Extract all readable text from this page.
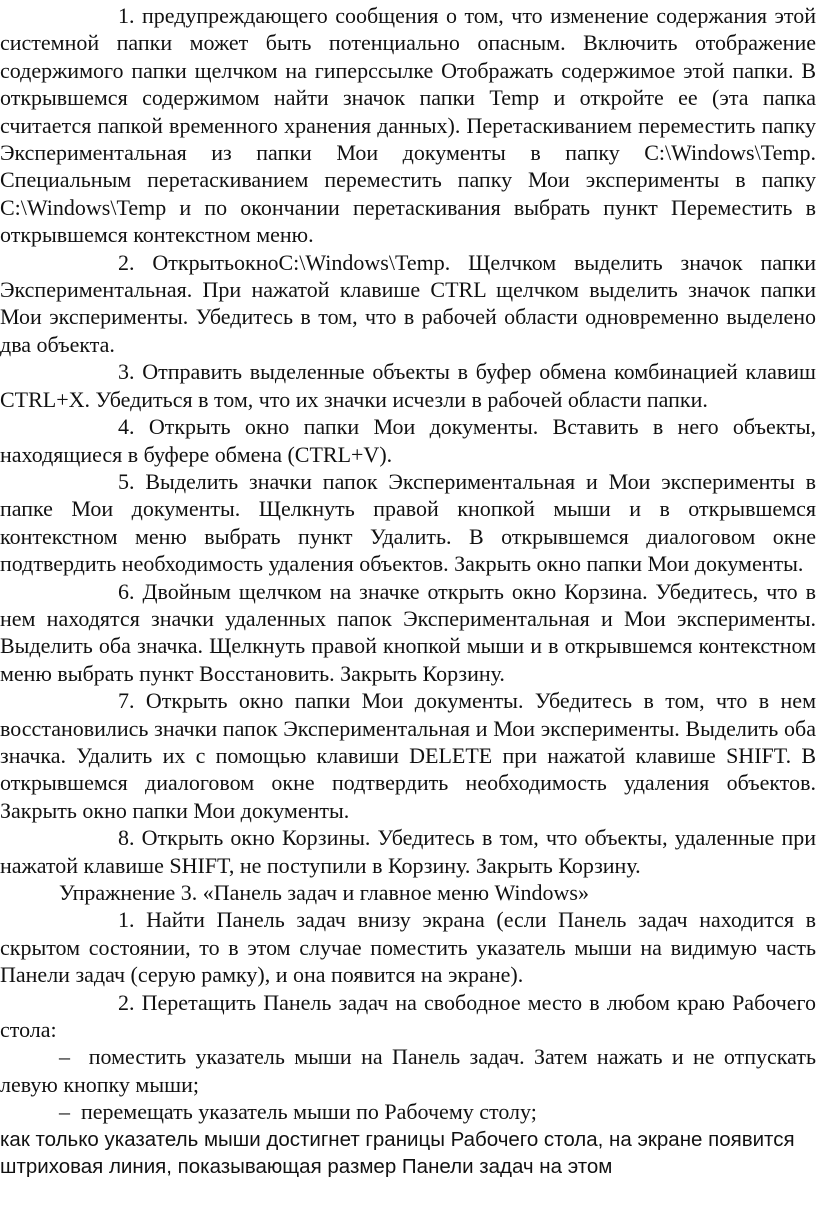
1. предупреждающего сообщения о том, что изменение содержания этой системной папки может быть потенциально опасным. Включить отображение содержимого папки щелчком на гиперссылке Отображать содержимое этой папки. В открывшемся содержимом найти значок папки Temp и откройте ее (эта папка считается папкой временного хранения данных). Перетаскиванием переместить папку Экспериментальная из папки Мои документы в папку C:\Windows\Temp. Специальным перетаскиванием переместить папку Мои эксперименты в папку C:\Windows\Temp и по окончании перетаскивания выбрать пункт Переместить в открывшемся контекстном меню.

2. ОткрытьокноC:\Windows\Temp. Щелчком выделить значок папки Экспериментальная. При нажатой клавише CTRL щелчком выделить значок папки Мои эксперименты. Убедитесь в том, что в рабочей области одновременно выделено два объекта.

3. Отправить выделенные объекты в буфер обмена комбинацией клавиш CTRL+X. Убедиться в том, что их значки исчезли в рабочей области папки.

4. Открыть окно папки Мои документы. Вставить в него объекты, находящиеся в буфере обмена (CTRL+V).

5. Выделить значки папок Экспериментальная и Мои эксперименты в папке Мои документы. Щелкнуть правой кнопкой мыши и в открывшемся контекстном меню выбрать пункт Удалить. В открывшемся диалоговом окне подтвердить необходимость удаления объектов. Закрыть окно папки Мои документы.

6. Двойным щелчком на значке открыть окно Корзина. Убедитесь, что в нем находятся значки удаленных папок Экспериментальная и Мои эксперименты. Выделить оба значка. Щелкнуть правой кнопкой мыши и в открывшемся контекстном меню выбрать пункт Восстановить. Закрыть Корзину.

7. Открыть окно папки Мои документы. Убедитесь в том, что в нем восстановились значки папок Экспериментальная и Мои эксперименты. Выделить оба значка. Удалить их с помощью клавиши DELETE при нажатой клавише SHIFT. В открывшемся диалоговом окне подтвердить необходимость удаления объектов. Закрыть окно папки Мои документы.

8. Открыть окно Корзины. Убедитесь в том, что объекты, удаленные при нажатой клавише SHIFT, не поступили в Корзину. Закрыть Корзину.

Упражнение 3. «Панель задач и главное меню Windows»

1. Найти Панель задач внизу экрана (если Панель задач находится в скрытом состоянии, то в этом случае поместить указатель мыши на видимую часть Панели задач (серую рамку), и она появится на экране).

2. Перетащить Панель задач на свободное место в любом краю Рабочего стола:

– поместить указатель мыши на Панель задач. Затем нажать и не отпускать левую кнопку мыши;

– перемещать указатель мыши по Рабочему столу;

как только указатель мыши достигнет границы Рабочего стола, на экране появится штриховая линия, показывающая размер Панели задач на этом
